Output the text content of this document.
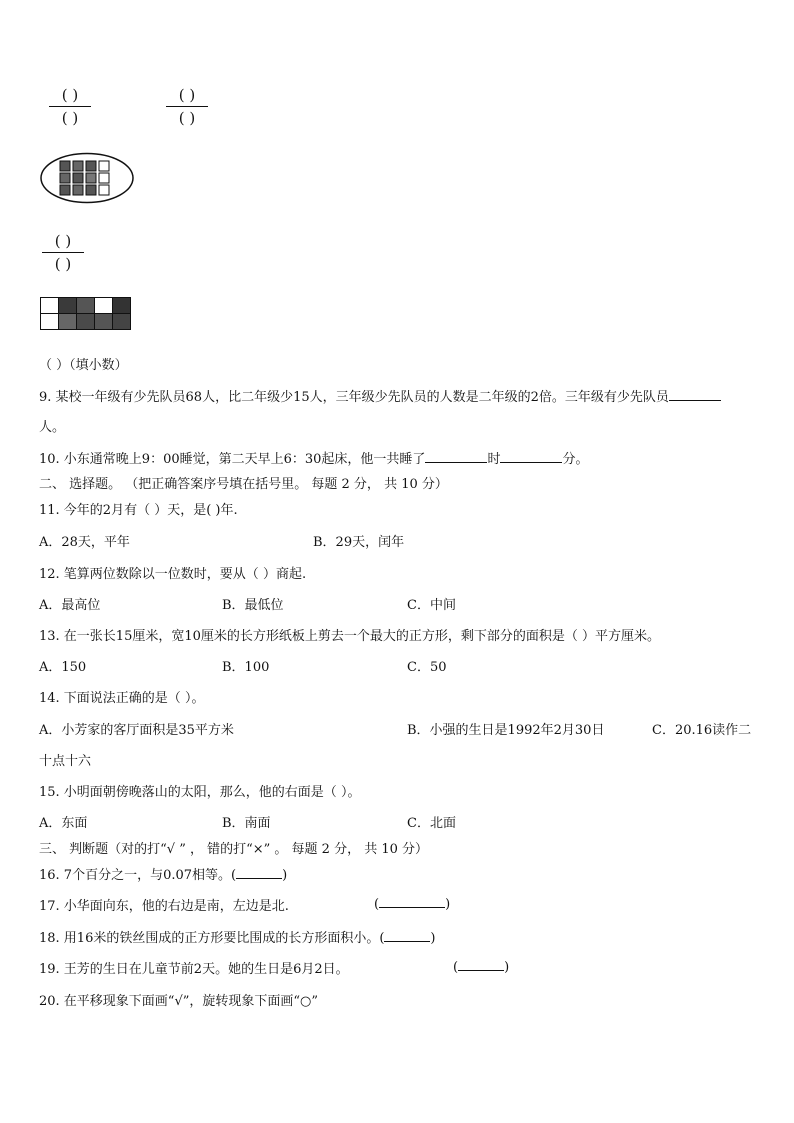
( )
( )
( )
( )
( )
( )
（ ）（填小数）
9. 某校一年级有少先队员68人，比二年级少15人，三年级少先队员的人数是二年级的2倍。三年级有少先队员
人。
10. 小东通常晚上9：00睡觉，第二天早上6：30起床，他一共睡了	时	分。
二、 选择题。 （把正确答案序号填在括号里。 每题 2 分， 共 10 分）
11. 今年的2月有（ ）天，是( )年.
A．28天，平年	B．29天，闰年
12. 笔算两位数除以一位数时，要从（ ）商起.
A．最高位	B．最低位	C．中间
13. 在一张长15厘米，宽10厘米的长方形纸板上剪去一个最大的正方形，剩下部分的面积是（ ）平方厘米。
A．150	B．100	C．50
14. 下面说法正确的是（ ）。
A．小芳家的客厅面积是35平方米	B．小强的生日是1992年2月30日	C．20.16读作二
十点十六
15. 小明面朝傍晚落山的太阳，那么，他的右面是（ ）。
A．东面	B．南面	C．北面
三、 判断题（对的打“√ ” ， 错的打“×” 。 每题 2 分， 共 10 分）
16. 7个百分之一，与0.07相等。(	)
17. 小华面向东，他的右边是南，左边是北.	(	)
18. 用16米的铁丝围成的正方形要比围成的长方形面积小。(	)
19. 王芳的生日在儿童节前2天。她的生日是6月2日。	(	)
20. 在平移现象下面画“√”，旋转现象下面画“○”
